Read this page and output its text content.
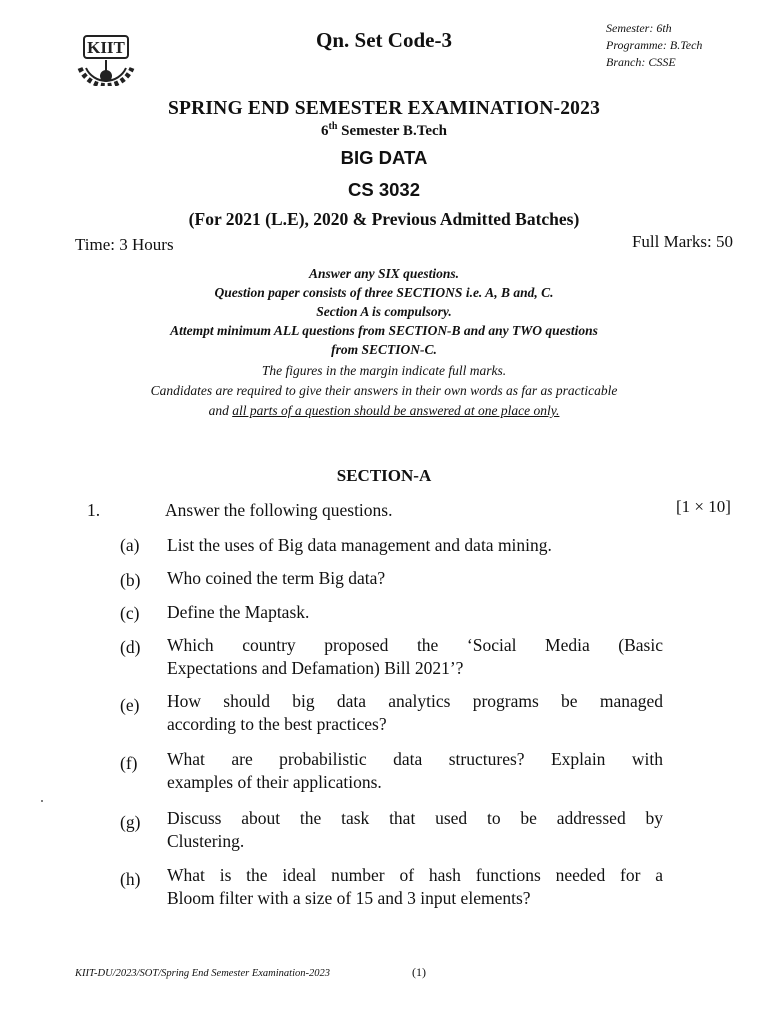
KIIT	Qn. Set Code-3	Semester: 6th
Programme: B.Tech
Branch: CSSE
SPRING END SEMESTER EXAMINATION-2023
6th Semester B.Tech
BIG DATA
CS 3032
(For 2021 (L.E), 2020 & Previous Admitted Batches)
Time: 3 Hours	Full Marks: 50
Answer any SIX questions.
Question paper consists of three SECTIONS i.e. A, B and, C.
Section A is compulsory.
Attempt minimum ALL questions from SECTION-B and any TWO questions
from SECTION-C.
The figures in the margin indicate full marks.
Candidates are required to give their answers in their own words as far as practicable
and all parts of a question should be answered at one place only.
SECTION-A
1.	Answer the following questions.	[1 × 10]
(a) List the uses of Big data management and data mining.
(b) Who coined the term Big data?
(c) Define the Maptask.
(d) Which country proposed the ‘Social Media (Basic
Expectations and Defamation) Bill 2021’?
(e) How should big data analytics programs be managed
according to the best practices?
(f) What are probabilistic data structures? Explain with
examples of their applications.
(g) Discuss about the task that used to be addressed by
Clustering.
(h) What is the ideal number of hash functions needed for a
Bloom filter with a size of 15 and 3 input elements?
KIIT-DU/2023/SOT/Spring End Semester Examination-2023	(1)
